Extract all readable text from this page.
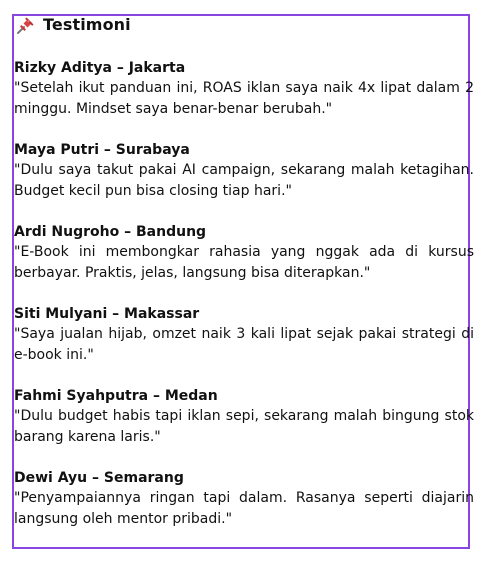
Testimoni
Rizky Aditya – Jakarta
"Setelah ikut panduan ini, ROAS iklan saya naik 4x lipat dalam 2 minggu. Mindset saya benar-benar berubah."
Maya Putri – Surabaya
"Dulu saya takut pakai AI campaign, sekarang malah ketagihan. Budget kecil pun bisa closing tiap hari."
Ardi Nugroho – Bandung
"E-Book ini membongkar rahasia yang nggak ada di kursus berbayar. Praktis, jelas, langsung bisa diterapkan."
Siti Mulyani – Makassar
"Saya jualan hijab, omzet naik 3 kali lipat sejak pakai strategi di e-book ini."
Fahmi Syahputra – Medan
"Dulu budget habis tapi iklan sepi, sekarang malah bingung stok barang karena laris."
Dewi Ayu – Semarang
"Penyampaiannya ringan tapi dalam. Rasanya seperti diajarin langsung oleh mentor pribadi."
